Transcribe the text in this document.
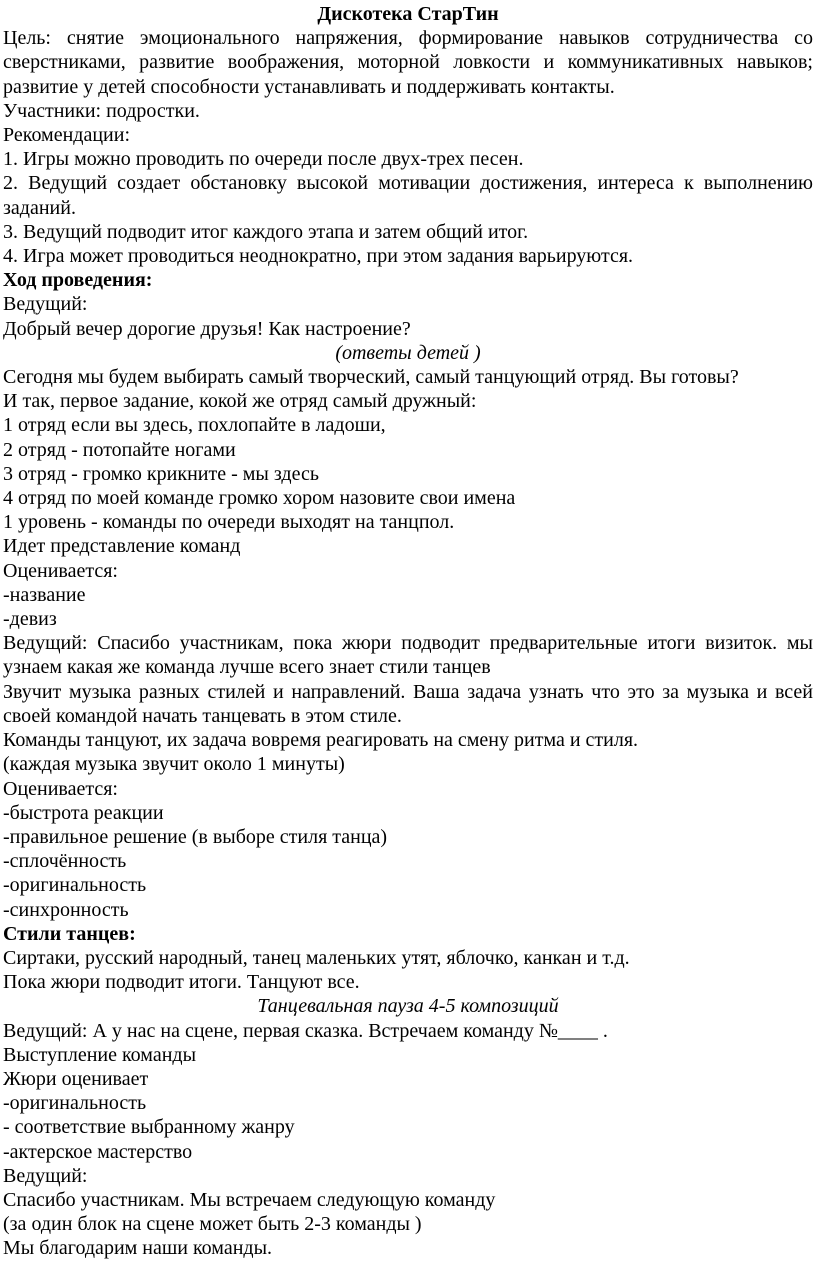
Дискотека СтарТин

Цель: снятие эмоционального напряжения, формирование навыков сотрудничества со сверстниками, развитие воображения, моторной ловкости и коммуникативных навыков; развитие у детей способности устанавливать и поддерживать контакты.

Участники: подростки.

Рекомендации:

1. Игры можно проводить по очереди после двух-трех песен.

2. Ведущий создает обстановку высокой мотивации достижения, интереса к выполнению заданий.

3. Ведущий подводит итог каждого этапа и затем общий итог.

4. Игра может проводиться неоднократно, при этом задания варьируются.

Ход проведения:

Ведущий:

Добрый вечер дорогие друзья! Как настроение?

(ответы детей )

Сегодня мы будем выбирать самый творческий, самый танцующий отряд. Вы готовы?

И так, первое задание, кокой же отряд самый дружный:

1 отряд если вы здесь, похлопайте в ладоши,

2 отряд - потопайте ногами

3 отряд - громко крикните - мы здесь

4 отряд по моей команде громко хором назовите свои имена

1 уровень - команды по очереди выходят на танцпол.

Идет представление команд

Оценивается:

-название

-девиз

Ведущий: Спасибо участникам, пока жюри подводит предварительные итоги визиток. мы узнаем какая же команда лучше всего знает стили танцев

Звучит музыка разных стилей и направлений. Ваша задача узнать что это за музыка и всей своей командой начать танцевать в этом стиле.

Команды танцуют, их задача вовремя реагировать на смену ритма и стиля.

(каждая музыка звучит около 1 минуты)

Оценивается:

-быстрота реакции

-правильное решение (в выборе стиля танца)

-сплочённость

-оригинальность

-синхронность

Стили танцев:

Сиртаки, русский народный, танец маленьких утят, яблочко, канкан и т.д.

Пока жюри подводит итоги. Танцуют все.

Танцевальная пауза 4-5 композиций

Ведущий: А у нас на сцене, первая сказка. Встречаем команду №____ .

Выступление команды

Жюри оценивает

-оригинальность

- соответствие выбранному жанру

-актерское мастерство

Ведущий:

Спасибо участникам. Мы встречаем следующую команду

(за один блок на сцене может быть 2-3 команды )

Мы благодарим наши команды.
